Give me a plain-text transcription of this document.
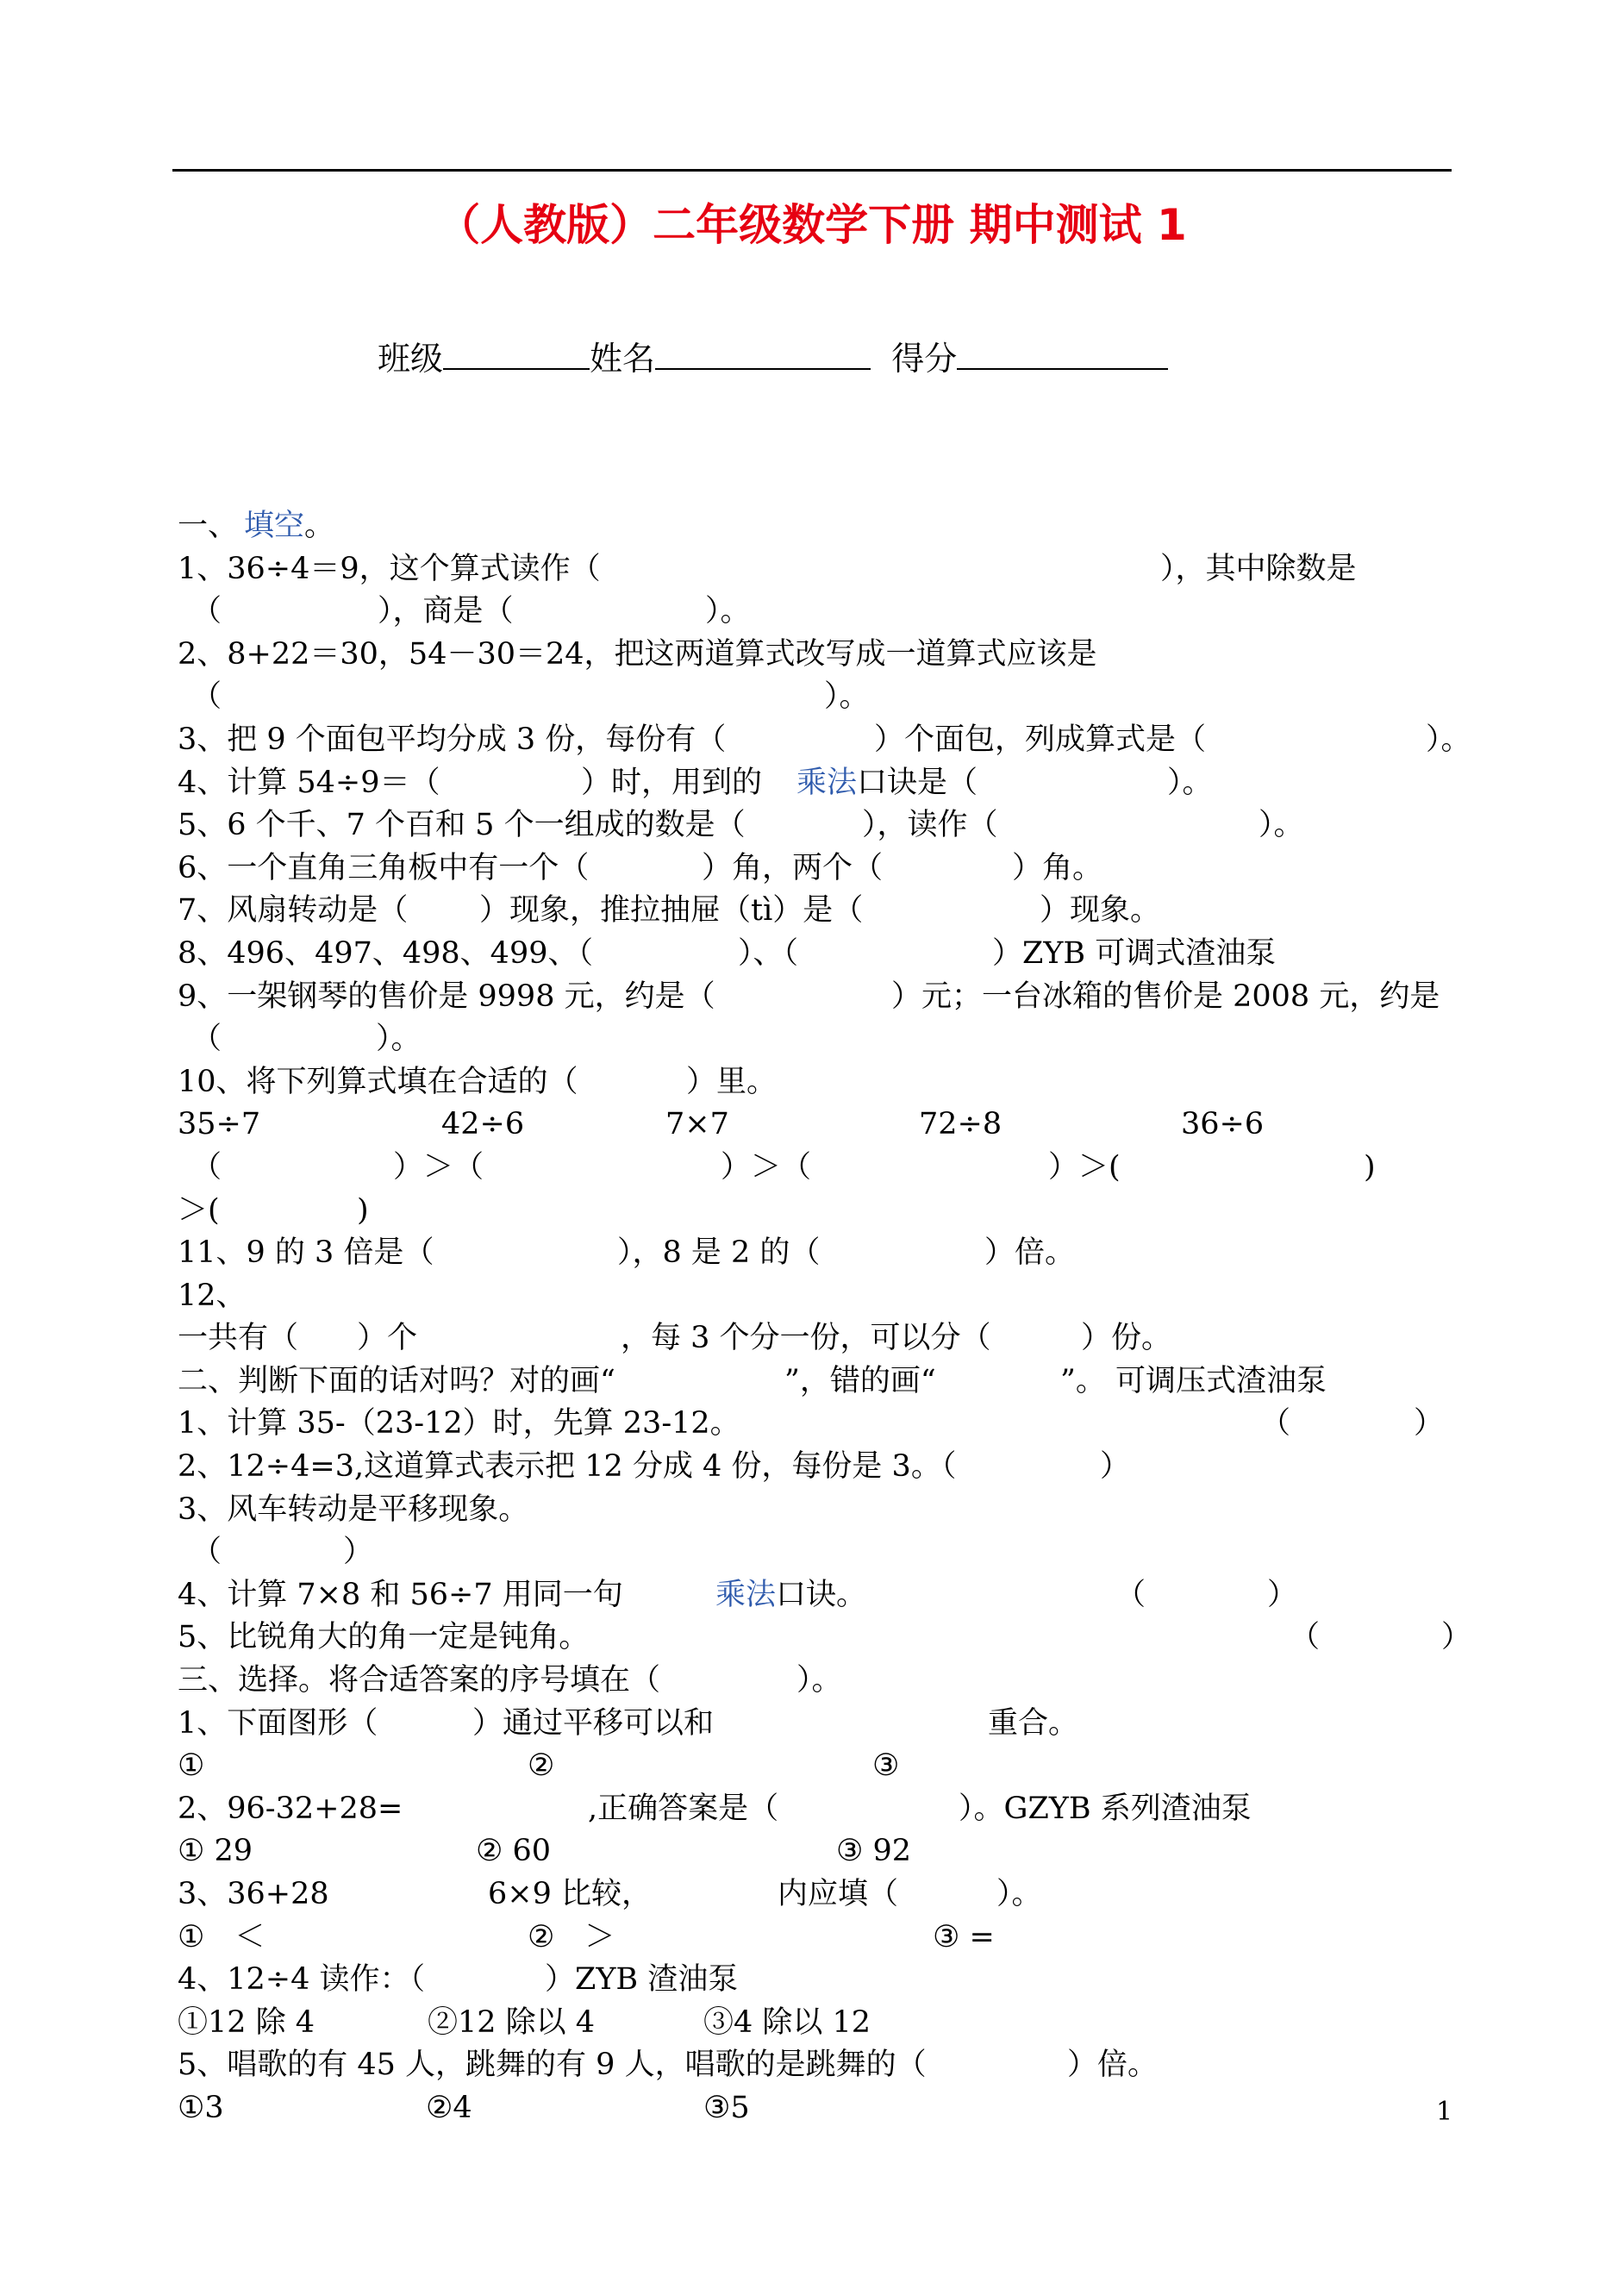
（人教版）二年级数学下册 期中测试 1
班级	姓名	得分
一、 填空 。
1、36÷4＝9，这个算式读作（	），其中除数是
（	），商是（	）。
2、8+22＝30，54－30＝24，把这两道算式改写成一道算式应该是
（	）。
3、把 9 个面包平均分成 3 份，每份有（	）个面包，列成算式是（	）。
4、计算 54÷9＝（	）时，用到的 乘法 口诀是（	）。
5、6 个千、7 个百和 5 个一组成的数是（	），读作（	）。
6、一个直角三角板中有一个（	）角，两个（	）角。
7、风扇转动是（ ）现象，推拉抽屉（tì）是（	）现象。
8、496、497、498、499、（	）、（	）ZYB 可调式渣油泵
9、一架钢琴的售价是 9998 元，约是（	）元；一台冰箱的售价是 2008 元，约是
（	）。
10、将下列算式填在合适的（	）里。
35÷7	42÷6	7×7	72÷8	36÷6
（	）＞（	）＞（	）＞(	)
＞(	)
11、9 的 3 倍是（	），8 是 2 的（	）倍。
12、
一共有（ ）个	，每 3 个分一份，可以分（	）份。
二、判断下面的话对吗？对的画“	”，错的画“	”。 可调压式渣油泵
1、计算 35-（23-12）时，先算 23-12。	（	）
2、12÷4=3,这道算式表示把 12 分成 4 份，每份是 3。（	）
3、风车转动是平移现象。
（	）
4、计算 7×8 和 56÷7 用同一句	乘法 口诀。	（	）
5、比锐角大的角一定是钝角。	（	）
三、选择。将合适答案的序号填在（	）。
1、下面图形（	）通过平移可以和	重合。
①	②	③
2、96-32+28=	,正确答案是（	）。GZYB 系列渣油泵
① 29	② 60	③ 92
3、36+28	6×9 比较，	内应填（	）。
①　＜	②　＞	③ =
4、12÷4 读作：（	）ZYB 渣油泵
①12 除 4	②12 除以 4	③4 除以 12
5、唱歌的有 45 人，跳舞的有 9 人，唱歌的是跳舞的（	）倍。
①3	②4	③5	1
